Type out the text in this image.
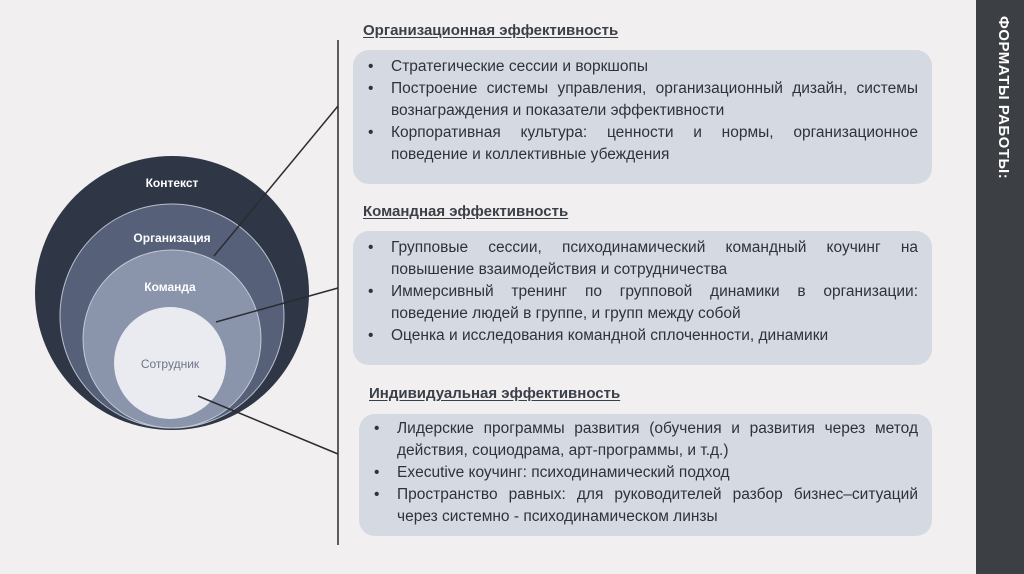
ФОРМАТЫ РАБОТЫ:
Контекст
Организация
Команда
Сотрудник
Организационная эффективность
• Стратегические сессии и воркшопы
• Построение системы управления, организационный дизайн, системы вознаграждения и показатели эффективности
• Корпоративная культура: ценности и нормы, организационное поведение и коллективные убеждения
Командная эффективность
• Групповые сессии, психодинамический командный коучинг на повышение взаимодействия и сотрудничества
• Иммерсивный тренинг по групповой динамики в организации: поведение людей в группе, и групп между собой
• Оценка и исследования командной сплоченности, динамики
Индивидуальная эффективность
• Лидерские программы развития (обучения и развития через метод действия, социодрама, арт-программы, и т.д.)
• Executive коучинг: психодинамический подход
• Пространство равных: для руководителей разбор бизнес–ситуаций через системно - психодинамическом линзы
